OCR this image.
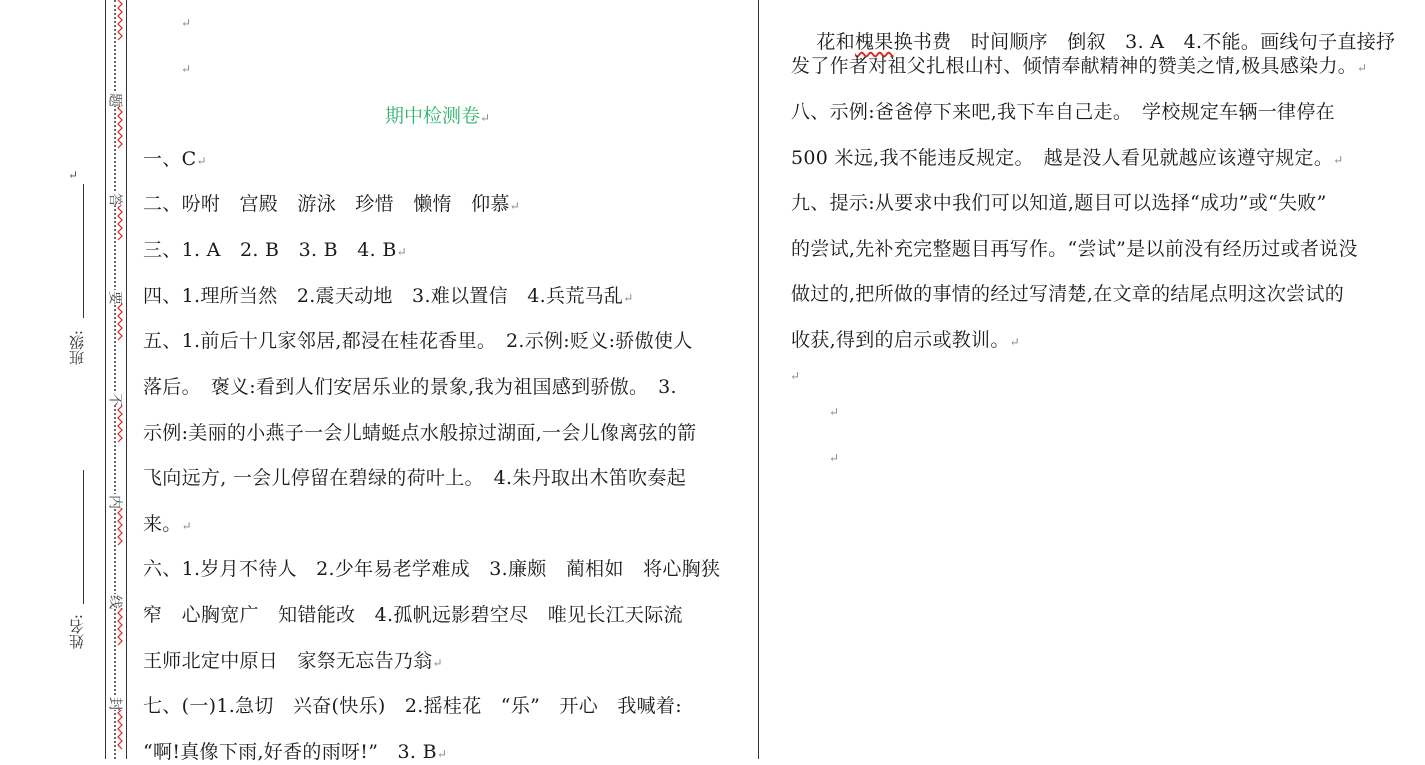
↵
班级:
姓名:
题
答
要
不
内
线
封
↵
↵
期中检测卷↵
一、C↵
二、吩咐　宫殿　游泳　珍惜　懒惰　仰慕↵
三、1. A　2. B　3. B　4. B↵
四、1.理所当然　2.震天动地　3.难以置信　4.兵荒马乱↵
五、1.前后十几家邻居,都浸在桂花香里。　2.示例:贬义:骄傲使人
落后。　褒义:看到人们安居乐业的景象,我为祖国感到骄傲。　3.
示例:美丽的小燕子一会儿蜻蜓点水般掠过湖面,一会儿像离弦的箭
飞向远方, 一会儿停留在碧绿的荷叶上。　4.朱丹取出木笛吹奏起
来。↵
六、1.岁月不待人　2.少年易老学难成　3.廉颇　蔺相如　将心胸狭
窄　心胸宽广　知错能改　4.孤帆远影碧空尽　唯见长江天际流
王师北定中原日　家祭无忘告乃翁↵
七、(一)1.急切　兴奋(快乐)　2.摇桂花　“乐”　开心　我喊着:
“啊!真像下雨,好香的雨呀!”　3. B↵

花和槐果换书费　时间顺序　倒叙　3. A　4.不能。画线句子直接抒

发了作者对祖父扎根山村、倾情奉献精神的赞美之情,极具感染力。↵
八、示例:爸爸停下来吧,我下车自己走。　学校规定车辆一律停在
500 米远,我不能违反规定。　越是没人看见就越应该遵守规定。↵
九、提示:从要求中我们可以知道,题目可以选择“成功”或“失败”
的尝试,先补充完整题目再写作。“尝试”是以前没有经历过或者说没
做过的,把所做的事情的经过写清楚,在文章的结尾点明这次尝试的
收获,得到的启示或教训。↵
↵
↵
↵
